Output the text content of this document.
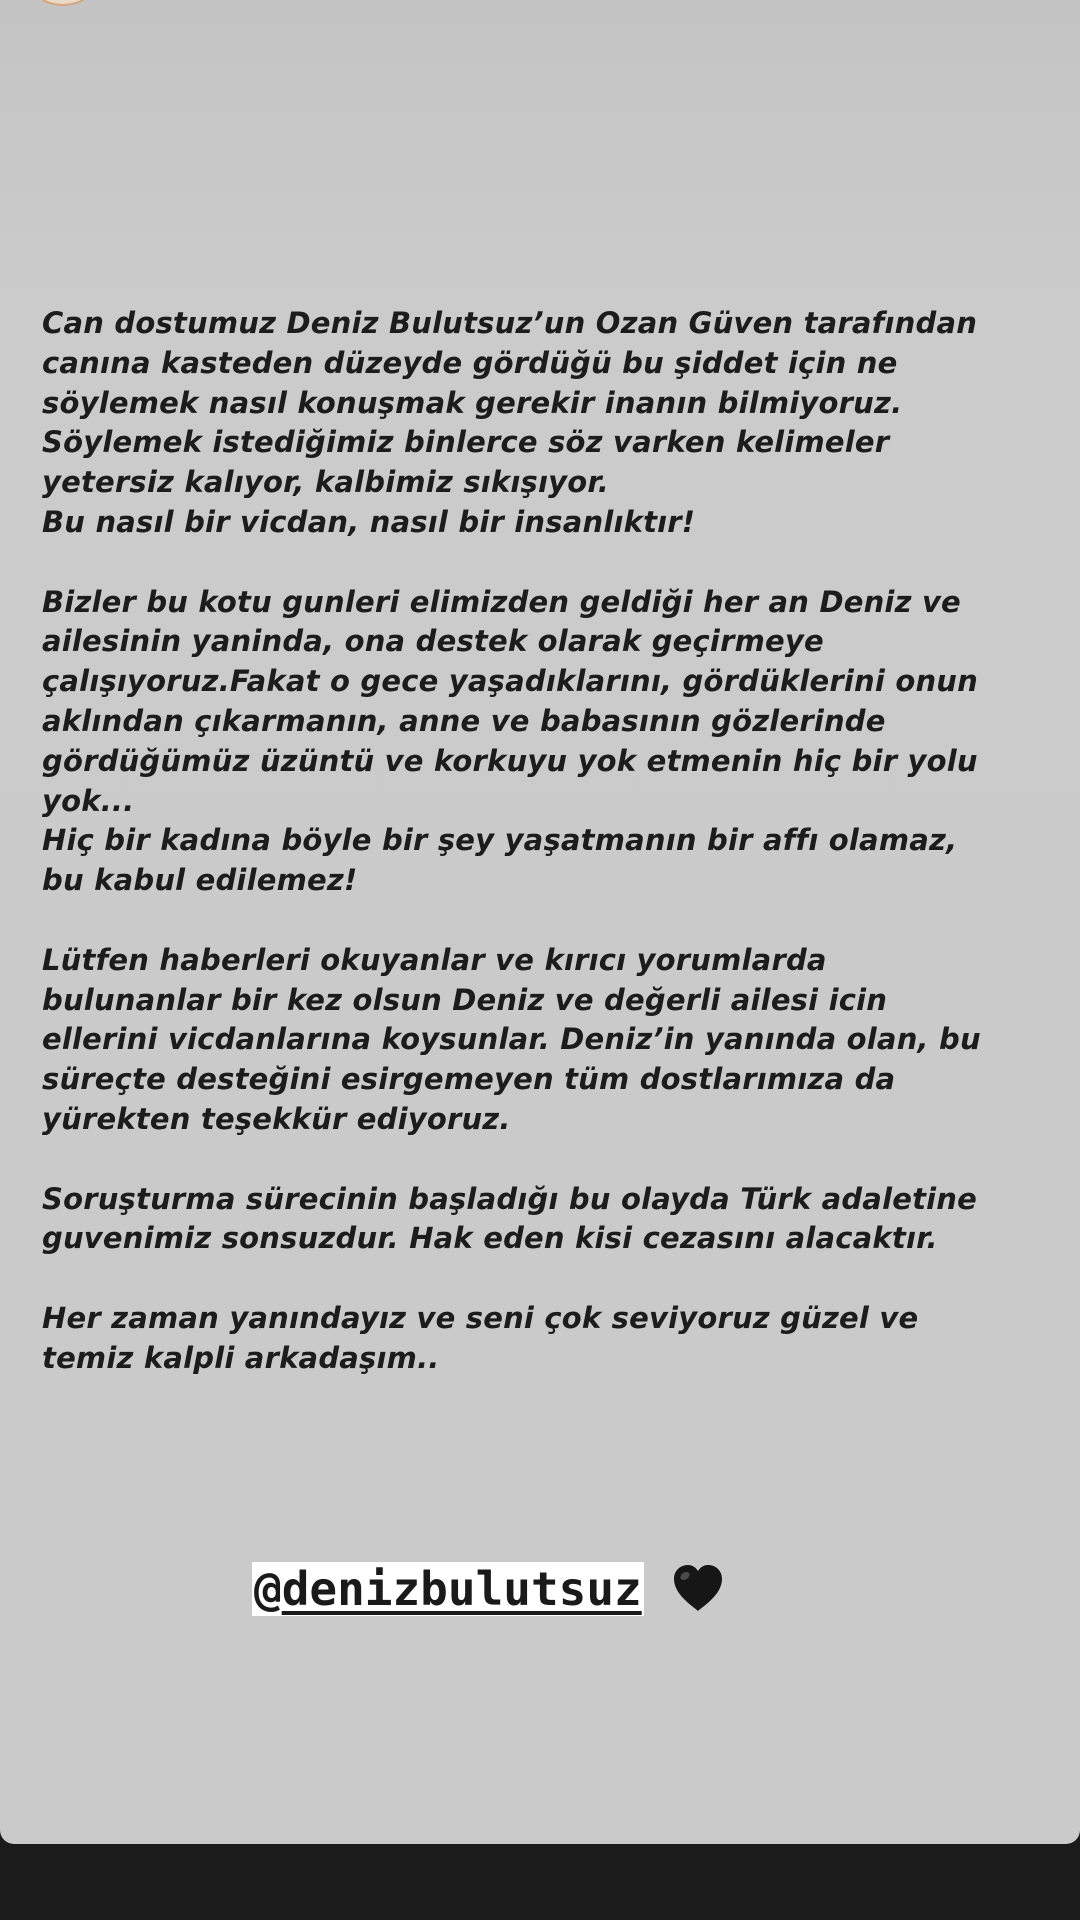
Can dostumuz Deniz Bulutsuz’un Ozan Güven tarafından
canına kasteden düzeyde gördüğü bu şiddet için ne
söylemek nasıl konuşmak gerekir inanın bilmiyoruz.
Söylemek istediğimiz binlerce söz varken kelimeler
yetersiz kalıyor, kalbimiz sıkışıyor.
Bu nasıl bir vicdan, nasıl bir insanlıktır!
Bizler bu kotu gunleri elimizden geldiği her an Deniz ve
ailesinin yaninda, ona destek olarak geçirmeye
çalışıyoruz.Fakat o gece yaşadıklarını, gördüklerini onun
aklından çıkarmanın, anne ve babasının gözlerinde
gördüğümüz üzüntü ve korkuyu yok etmenin hiç bir yolu
yok...
Hiç bir kadına böyle bir şey yaşatmanın bir affı olamaz,
bu kabul edilemez!
Lütfen haberleri okuyanlar ve kırıcı yorumlarda
bulunanlar bir kez olsun Deniz ve değerli ailesi icin
ellerini vicdanlarına koysunlar. Deniz’in yanında olan, bu
süreçte desteğini esirgemeyen tüm dostlarımıza da
yürekten teşekkür ediyoruz.
Soruşturma sürecinin başladığı bu olayda Türk adaletine
guvenimiz sonsuzdur. Hak eden kisi cezasını alacaktır.
Her zaman yanındayız ve seni çok seviyoruz güzel ve
temiz kalpli arkadaşım..
@denizbulutsuz
